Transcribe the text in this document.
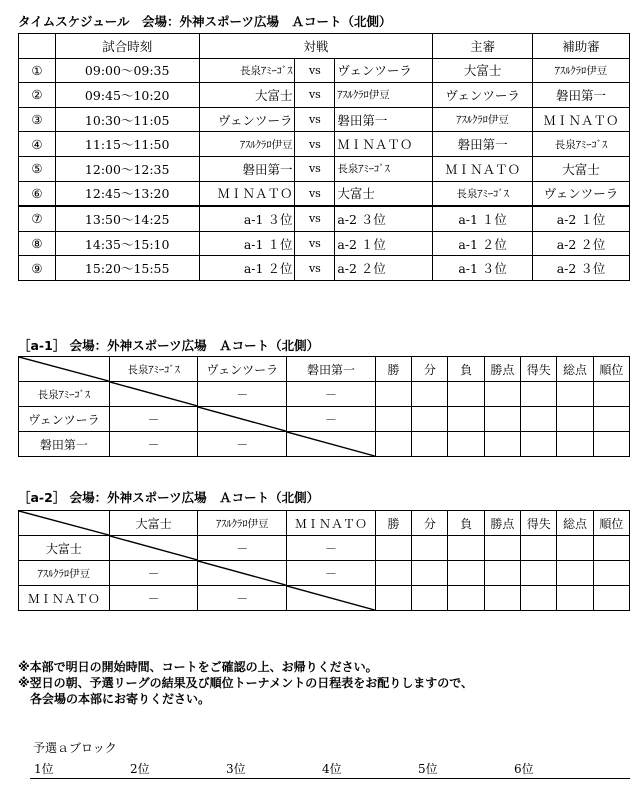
タイムスケジュール　会場：外神スポーツ広場　Ａコート（北側）
	試合時刻	対戦			主審	補助審
①	09:00～09:35	長泉ｱﾐｰｺﾞｽ	vs	ヴェンツーラ	大富士	ｱｽﾙｸﾗﾛ伊豆
②	09:45～10:20	大富士	vs	ｱｽﾙｸﾗﾛ伊豆	ヴェンツーラ	磐田第一
③	10:30～11:05	ヴェンツーラ	vs	磐田第一	ｱｽﾙｸﾗﾛ伊豆	ＭＩＮＡＴＯ
④	11:15～11:50	ｱｽﾙｸﾗﾛ伊豆	vs	ＭＩＮＡＴＯ	磐田第一	長泉ｱﾐｰｺﾞｽ
⑤	12:00～12:35	磐田第一	vs	長泉ｱﾐｰｺﾞｽ	ＭＩＮＡＴＯ	大富士
⑥	12:45～13:20	ＭＩＮＡＴＯ	vs	大富士	長泉ｱﾐｰｺﾞｽ	ヴェンツーラ
⑦	13:50～14:25	a-1 ３位	vs	a-2 ３位	a-1 １位	a-2 １位
⑧	14:35～15:10	a-1 １位	vs	a-2 １位	a-1 ２位	a-2 ２位
⑨	15:20～15:55	a-1 ２位	vs	a-2 ２位	a-1 ３位	a-2 ３位
［a-1］ 会場：外神スポーツ広場　Ａコート（北側）
	長泉ｱﾐｰｺﾞｽ	ヴェンツーラ	磐田第一	勝	分	負	勝点	得失	総点	順位
長泉ｱﾐｰｺﾞｽ		－	－							
ヴェンツーラ	－		－							
磐田第一	－	－	

［a-2］ 会場：外神スポーツ広場　Ａコート（北側）
	大富士	ｱｽﾙｸﾗﾛ伊豆	ＭＩＮＡＴＯ	勝	分	負	勝点	得失	総点	順位
大富士		－	－							
ｱｽﾙｸﾗﾛ伊豆	－		－							
ＭＩＮＡＴＯ	－	－	

※本部で明日の開始時間、コートをご確認の上、お帰りください。
※翌日の朝、予選リーグの結果及び順位トーナメントの日程表をお配りしますので、
　各会場の本部にお寄りください。
予選ａブロック
1位	2位	3位	4位	5位	6位
